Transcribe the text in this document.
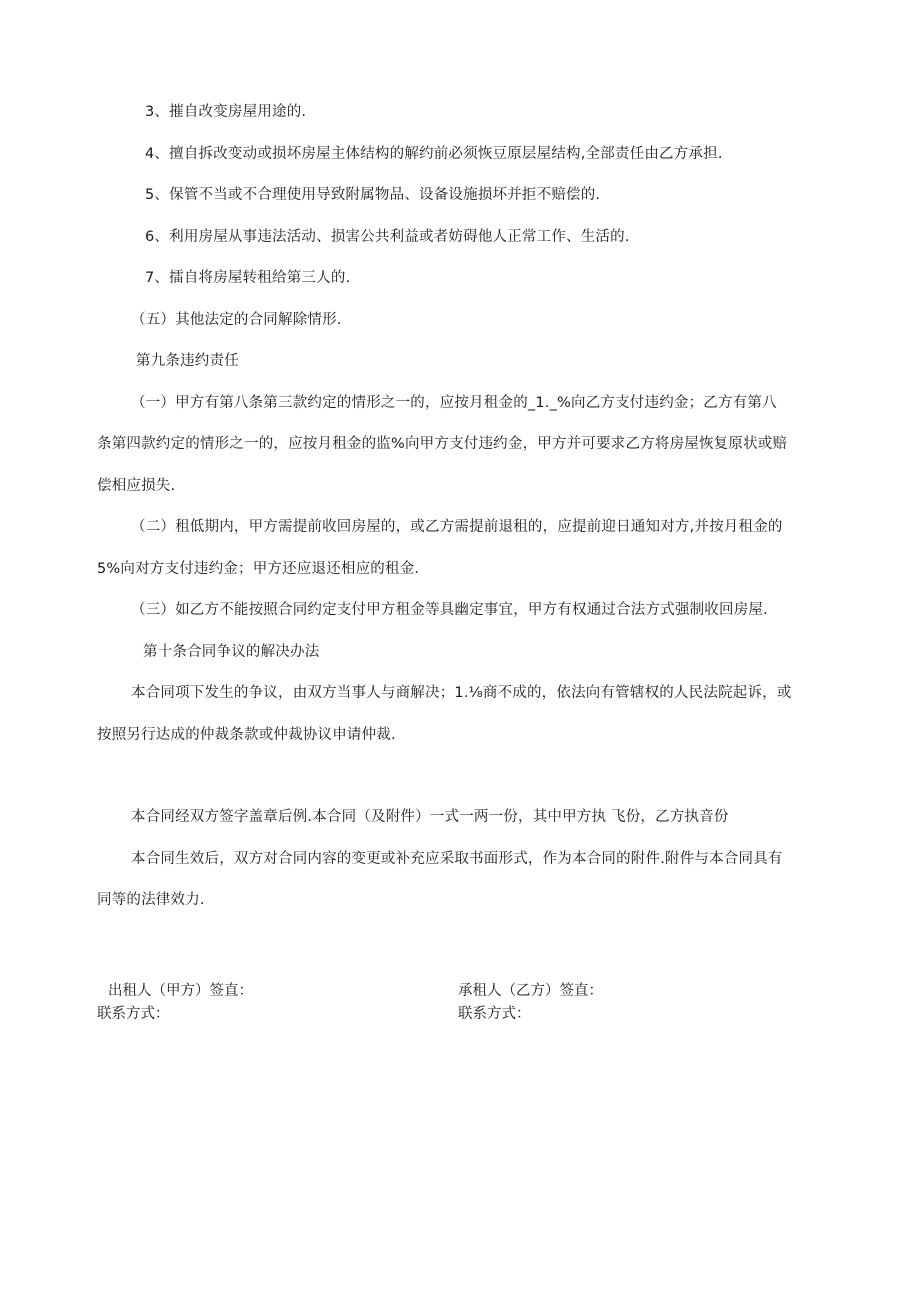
3、摧自改变房屋用途的.
4、擅自拆改变动或损坏房屋主体结构的解约前必须恢豆原层屋结构,全部责任由乙方承担.
5、保管不当或不合理使用导致附属物品、设备设施损坏并拒不赔偿的.
6、利用房屋从事违法活动、损害公共利益或者妨碍他人正常工作、生活的.
7、擂自将房屋转租给第三人的.
（五）其他法定的合同解除情形.
第九条违约责任
（一）甲方有第八条第三款约定的情形之一的，应按月租金的_1._%向乙方支付违约金；乙方有第八
条第四款约定的情形之一的，应按月租金的监%向甲方支付违约金，甲方并可要求乙方将房屋恢复原状或赔
偿相应损失.
（二）租低期内，甲方需提前收回房屋的，或乙方需提前退租的，应提前迎日通知对方,并按月租金的
5%向对方支付违约金；甲方还应退还相应的租金.
（三）如乙方不能按照合同约定支付甲方租金等具幽定事宜，甲方有权通过合法方式强制收回房屋.
第十条合同争议的解决办法
本合同项下发生的争议，由双方当事人与商解决；1.⅛商不成的，依法向有管辖权的人民法院起诉，或
按照另行达成的仲裁条款或仲裁协议申请仲裁.
本合同经双方签字盖章后例.本合同（及附件）一式一两一份，其中甲方执 飞份，乙方执音份
本合同生效后，双方对合同内容的变更或补充应采取书面形式，作为本合同的附件.附件与本合同具有
同等的法律效力.
出租人（甲方）签直：
联系方式：
承租人（乙方）签直：
联系方式：
